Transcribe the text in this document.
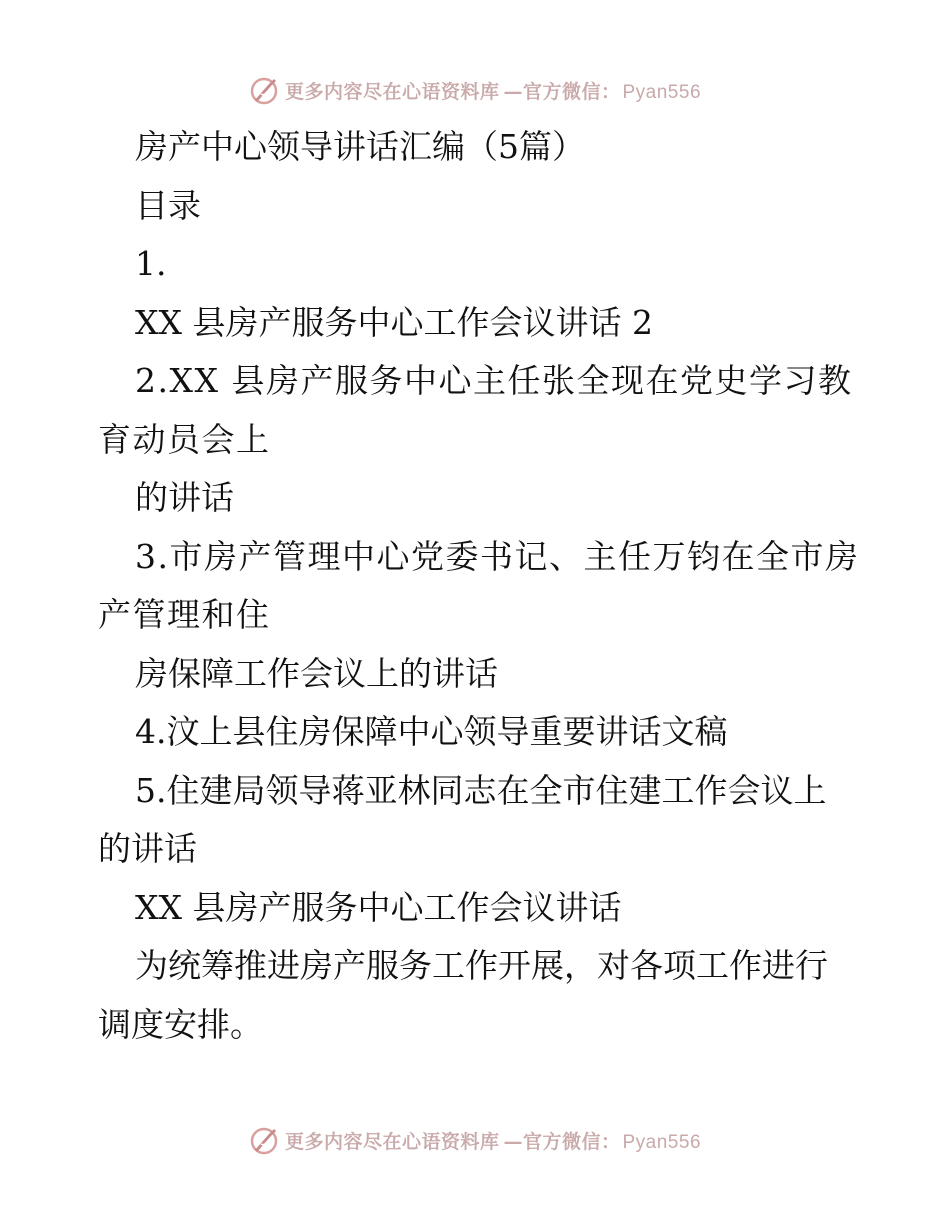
更多内容尽在心语资料库 —官方微信： Pyan556
房产中心领导讲话汇编（5篇）
目录
1.
XX 县房产服务中心工作会议讲话 2
2.XX 县房产服务中心主任张全现在党史学习教
育动员会上
的讲话
3.市房产管理中心党委书记、主任万钧在全市房
产管理和住
房保障工作会议上的讲话
4.汶上县住房保障中心领导重要讲话文稿
5.住建局领导蒋亚林同志在全市住建工作会议上
的讲话
XX 县房产服务中心工作会议讲话
为统筹推进房产服务工作开展，对各项工作进行
调度安排。
更多内容尽在心语资料库 —官方微信： Pyan556
